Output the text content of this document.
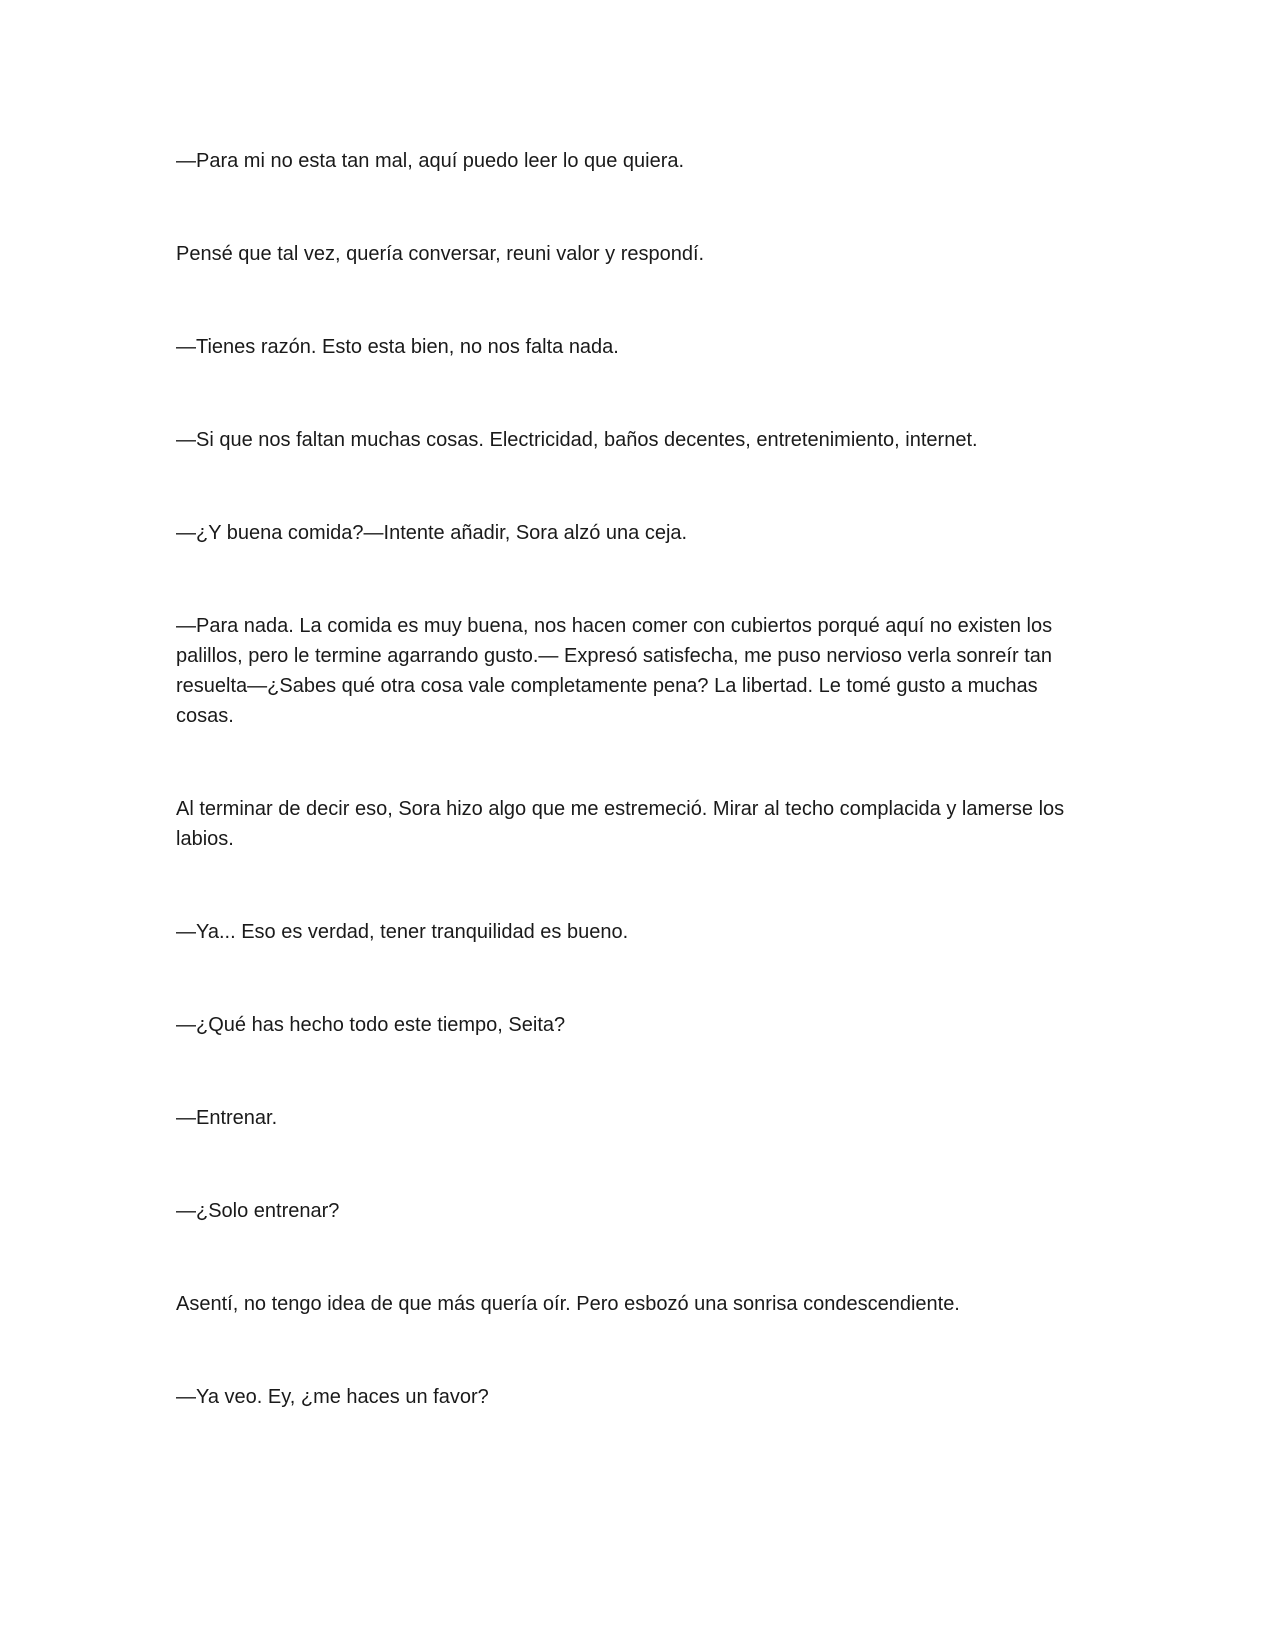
—Para mi no esta tan mal, aquí puedo leer lo que quiera.

Pensé que tal vez, quería conversar, reuni valor y respondí.

—Tienes razón. Esto esta bien, no nos falta nada.

—Si que nos faltan muchas cosas. Electricidad, baños decentes, entretenimiento, internet.

—¿Y buena comida?—Intente añadir, Sora alzó una ceja.

—Para nada. La comida es muy buena, nos hacen comer con cubiertos porqué aquí no existen los palillos, pero le termine agarrando gusto.— Expresó satisfecha, me puso nervioso verla sonreír tan resuelta—¿Sabes qué otra cosa vale completamente pena? La libertad. Le tomé gusto a muchas cosas.

Al terminar de decir eso, Sora hizo algo que me estremeció. Mirar al techo complacida y lamerse los labios.

—Ya... Eso es verdad, tener tranquilidad es bueno.

—¿Qué has hecho todo este tiempo, Seita?

—Entrenar.

—¿Solo entrenar?

Asentí, no tengo idea de que más quería oír. Pero esbozó una sonrisa condescendiente.

—Ya veo. Ey, ¿me haces un favor?
